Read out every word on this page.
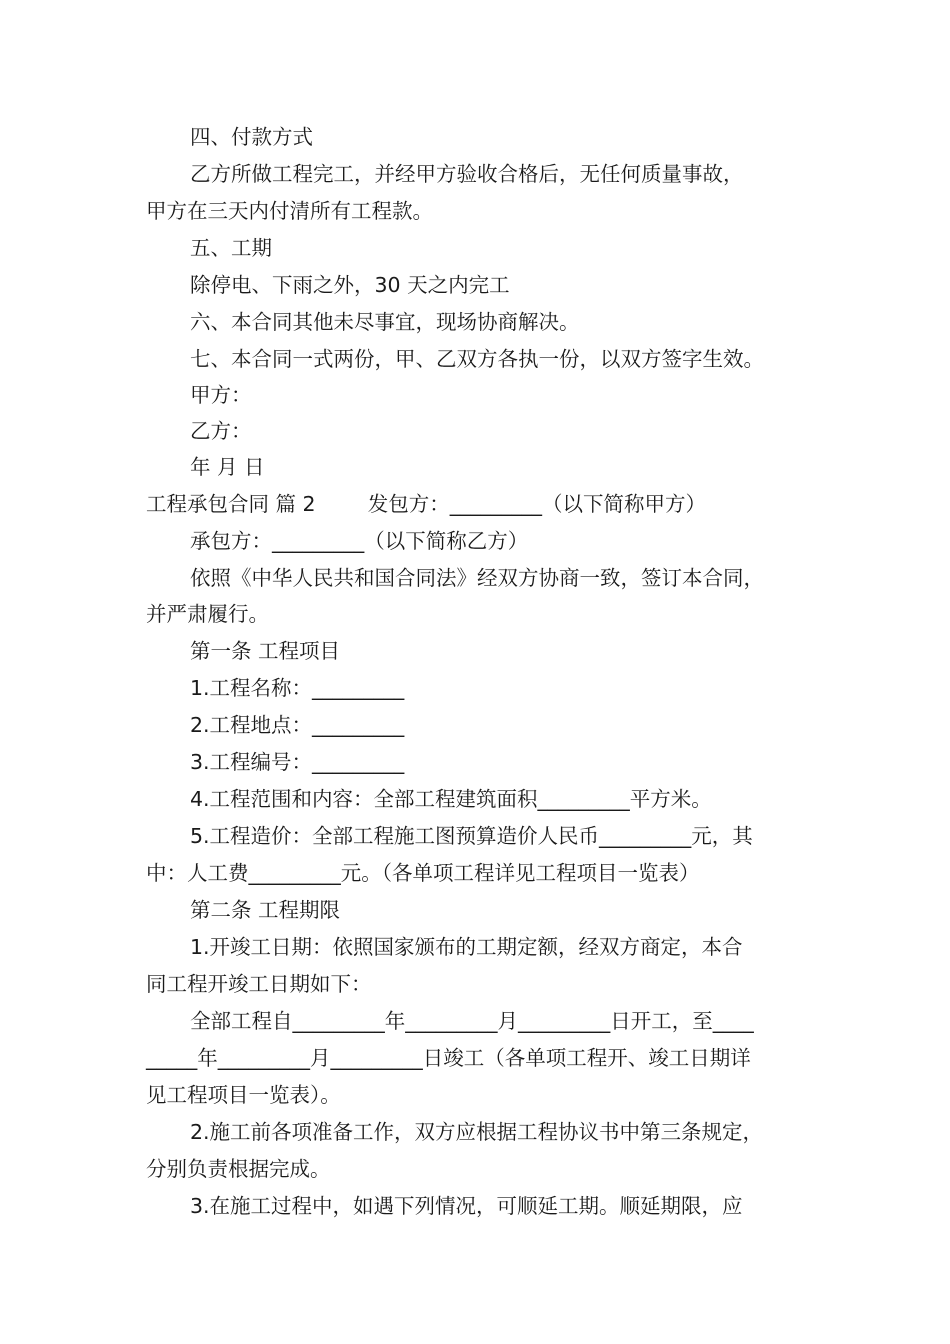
四、付款方式
乙方所做工程完工，并经甲方验收合格后，无任何质量事故，
甲方在三天内付清所有工程款。
五、工期
除停电、下雨之外，30 天之内完工
六、本合同其他未尽事宜，现场协商解决。
七、本合同一式两份，甲、乙双方各执一份，以双方签字生效。
甲方：
乙方：
年 月 日
工程承包合同 篇 2        发包方：_________（以下简称甲方）
承包方：_________（以下简称乙方）
依照《中华人民共和国合同法》经双方协商一致，签订本合同，
并严肃履行。
第一条 工程项目
1.工程名称：_________
2.工程地点：_________
3.工程编号：_________
4.工程范围和内容：全部工程建筑面积_________平方米。
5.工程造价：全部工程施工图预算造价人民币_________元，其
中：人工费_________元。（各单项工程详见工程项目一览表）
第二条 工程期限
1.开竣工日期：依照国家颁布的工期定额，经双方商定，本合
同工程开竣工日期如下：
全部工程自_________年_________月_________日开工，至____
_____年_________月_________日竣工（各单项工程开、竣工日期详
见工程项目一览表）。
2.施工前各项准备工作，双方应根据工程协议书中第三条规定，
分别负责根据完成。
3.在施工过程中，如遇下列情况，可顺延工期。顺延期限，应
